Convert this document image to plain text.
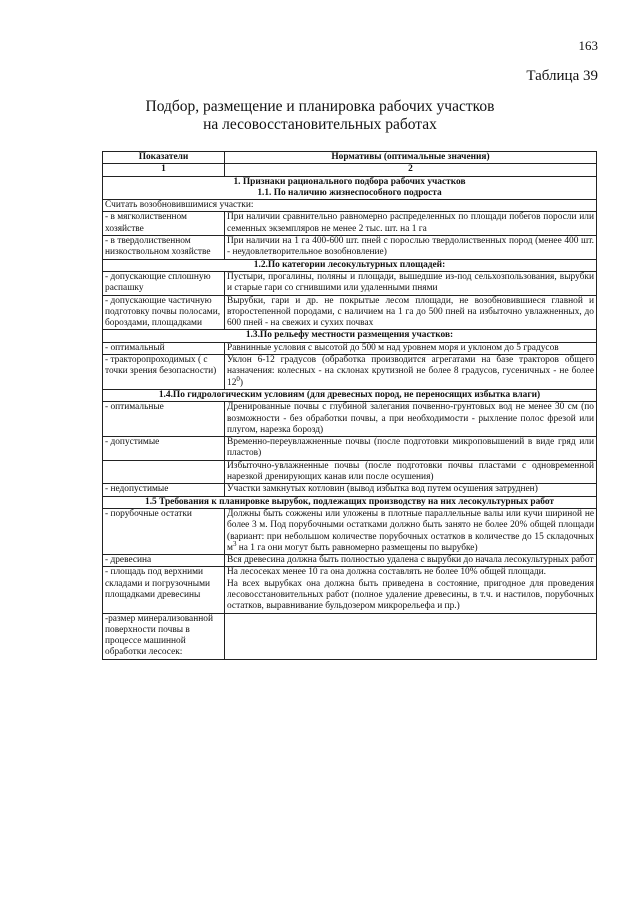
163
Таблица 39
Подбор, размещение и планировка рабочих участков
на лесовосстановительных работах
Показатели	Нормативы (оптимальные значения)
1	2

1. Признаки рационального подбора рабочих участков
1.1. По наличию жизнеспособного подроста	

Считать возобновившимися участки:	
- в мягколиственном хозяйстве	При наличии сравнительно равномерно распределенных по площади побегов поросли или семенных экземпляров не менее 2 тыс. шт. на 1 га
- в твердолиственном низкоствольном хозяйстве	При наличии на 1 га 400-600 шт. пней с порослью твердолиственных пород (менее 400 шт. - неудовлетворительное возобновление)
1.2.По категории лесокультурных площадей:	
- допускающие сплошную распашку	Пустыри, прогалины, поляны и площади, вышедшие из-под сельхозпользования, вырубки и старые гари со сгнившими или удаленными пнями
- допускающие частичную подготовку почвы полосами, бороздами, площадками	Вырубки, гари и др. не покрытые лесом площади, не возобновившиеся главной и второстепенной породами, с наличием на 1 га до 500 пней на избыточно увлажненных, до 600 пней - на свежих и сухих почвах
1.3.По рельефу местности размещения участков:	
- оптимальный	Равнинные условия с высотой до 500 м над уровнем моря и уклоном до 5 градусов
- тракторопроходимых ( с точки зрения безопасности)	Уклон 6-12 градусов (обработка производится агрегатами на базе тракторов общего назначения: колесных - на склонах крутизной не более 8 градусов, гусеничных - не более $12^0$)
1.4.По гидрологическим условиям (для древесных пород, не переносящих избытка влаги)	
- оптимальные	Дренированные почвы с глубиной залегания почвенно-грунтовых вод не менее 30 см (по возможности - без обработки почвы, а при необходимости - рыхление полос фрезой или плугом, нарезка борозд)
- допустимые	Временно-переувлажненные почвы (после подготовки микроповышений в виде гряд или пластов)
	Избыточно-увлажненные почвы (после подготовки почвы пластами с одновременной нарезкой дренирующих канав или после осушения)
- недопустимые	Участки замкнутых котловин (вывод избытка вод путем осушения затруднен)
1.5 Требования к планировке вырубок, подлежащих производству на них лесокультурных работ	
- порубочные остатки	Должны быть сожжены или уложены в плотные параллельные валы или кучи шириной не более 3 м. Под порубочными остатками должно быть занято не более 20% общей площади (вариант: при небольшом количестве порубочных остатков в количестве до 15 складочных $м^3$ на 1 га они могут быть равномерно размещены по вырубке)
- древесина	Вся древесина должна быть полностью удалена с вырубки до начала лесокультурных работ
- площадь под верхними складами и погрузочными площадками древесины	На лесосеках менее 10 га она должна составлять не более 10% общей площади.
На всех вырубках она должна быть приведена в состояние, пригодное для проведения лесовосстановительных работ (полное удаление древесины, в т.ч. и настилов, порубочных остатков, выравнивание бульдозером микрорельефа и пр.)

-размер минерализованной поверхности почвы в процессе машинной обработки лесосек:	
